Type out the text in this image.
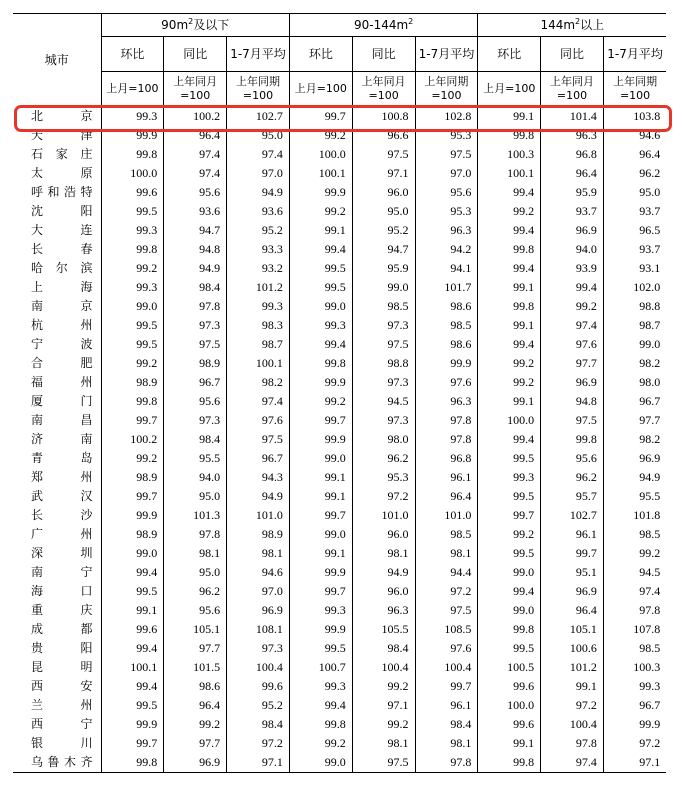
城市	$90m^2$及以下			$90-144m^2$			$144m^2$以上		
	环比	同比	1-7月平均	环比	同比	1-7月平均	环比	同比	1-7月平均
	上月=100	上年同月=100	上年同期=100	上月=100	上年同月=100	上年同期=100	上月=100	上年同月=100	上年同期=100
北京	99.3	100.2	102.7	99.7	100.8	102.8	99.1	101.4	103.8
天津	99.9	96.4	95.0	99.2	96.6	95.3	99.8	96.3	94.6
石家庄	99.8	97.4	97.4	100.0	97.5	97.5	100.3	96.8	96.4
太原	100.0	97.4	97.0	100.1	97.1	97.0	100.1	96.4	96.2
呼和浩特	99.6	95.6	94.9	99.9	96.0	95.6	99.4	95.9	95.0
沈阳	99.5	93.6	93.6	99.2	95.0	95.3	99.2	93.7	93.7
大连	99.3	94.7	95.2	99.1	95.2	96.3	99.4	96.9	96.5
长春	99.8	94.8	93.3	99.4	94.7	94.2	99.8	94.0	93.7
哈尔滨	99.2	94.9	93.2	99.5	95.9	94.1	99.4	93.9	93.1
上海	99.3	98.4	101.2	99.5	99.0	101.7	99.1	99.4	102.0
南京	99.0	97.8	99.3	99.0	98.5	98.6	99.8	99.2	98.8
杭州	99.5	97.3	98.3	99.3	97.3	98.5	99.1	97.4	98.7
宁波	99.5	97.5	98.7	99.4	97.5	98.6	99.4	97.6	99.0
合肥	99.2	98.9	100.1	99.8	98.8	99.9	99.2	97.7	98.2
福州	98.9	96.7	98.2	99.9	97.3	97.6	99.2	96.9	98.0
厦门	99.8	95.6	97.4	99.2	94.5	96.3	99.1	94.8	96.7
南昌	99.7	97.3	97.6	99.7	97.3	97.8	100.0	97.5	97.7
济南	100.2	98.4	97.5	99.9	98.0	97.8	99.4	99.8	98.2
青岛	99.2	95.5	96.7	99.0	96.2	96.8	99.5	95.6	96.9
郑州	98.9	94.0	94.3	99.1	95.3	96.1	99.3	96.2	94.9
武汉	99.7	95.0	94.9	99.1	97.2	96.4	99.5	95.7	95.5
长沙	99.9	101.3	101.0	99.7	101.0	101.0	99.7	102.7	101.8
广州	98.9	97.8	98.9	99.0	96.0	98.5	99.2	96.1	98.5
深圳	99.0	98.1	98.1	99.1	98.1	98.1	99.5	99.7	99.2
南宁	99.4	95.0	94.6	99.9	94.9	94.4	99.0	95.1	94.5
海口	99.5	96.2	97.0	99.7	96.0	97.2	99.4	96.9	97.4
重庆	99.1	95.6	96.9	99.3	96.3	97.5	99.0	96.4	97.8
成都	99.6	105.1	108.1	99.9	105.5	108.5	99.8	105.1	107.8
贵阳	99.4	97.7	97.3	99.5	98.4	97.6	99.5	100.6	98.5
昆明	100.1	101.5	100.4	100.7	100.4	100.4	100.5	101.2	100.3
西安	99.4	98.6	99.6	99.3	99.2	99.7	99.6	99.1	99.3
兰州	99.5	96.4	95.2	99.4	97.1	96.1	100.0	97.2	96.7
西宁	99.9	99.2	98.4	99.8	99.2	98.4	99.6	100.4	99.9
银川	99.7	97.7	97.2	99.2	98.1	98.1	99.1	97.8	97.2
乌鲁木齐	99.8	96.9	97.1	99.0	97.5	97.8	99.8	97.4	97.1
